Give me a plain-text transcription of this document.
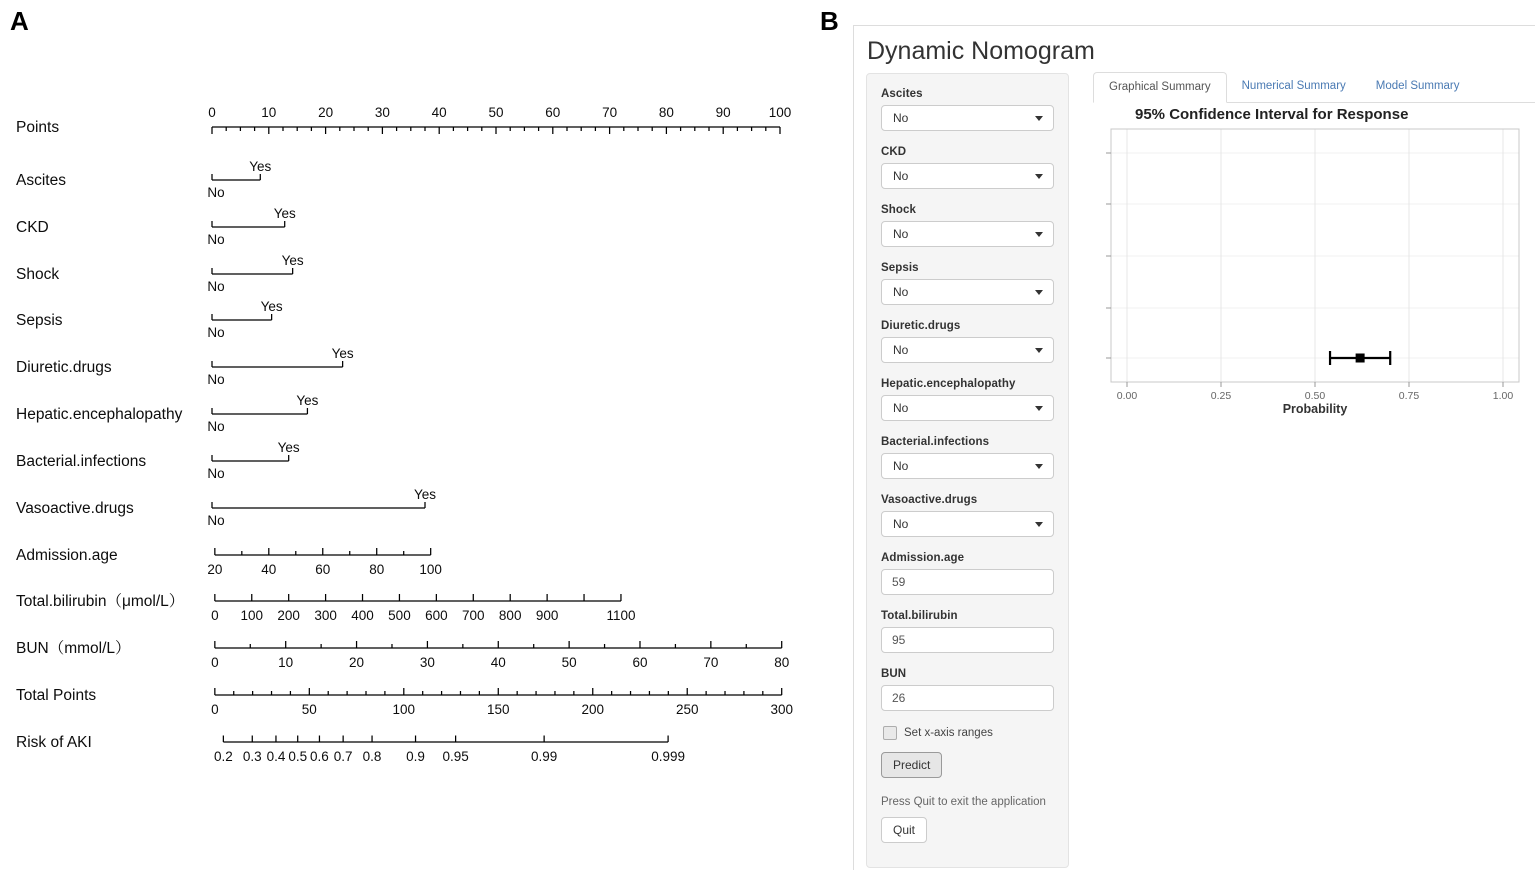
A
Points
0	10	20	30	40	50	60	70	80	90	100
Ascites
Yes
No
CKD
Yes
No
Shock
Yes
No
Sepsis
Yes
No
Diuretic.drugs
Yes
No
Hepatic.encephalopathy
Yes
No
Bacterial.infections
Yes
No
Vasoactive.drugs
Yes
No
Admission.age
20	40	60	80	100
Total.bilirubin（μmol/L）
0 100 200 300 400 500 600 700 800 900	1100
BUN（mmol/L）
0	10	20	30	40	50	60	70	80
Total Points
0	50	100	150	200	250	300
Risk of AKI
0.2 0.3 0.4 0.5 0.6 0.7 0.8 0.9 0.95	0.99	0.999
B
Dynamic Nomogram
Ascites
No
CKD
No
Shock
No
Sepsis
No
Diuretic.drugs
No
Hepatic.encephalopathy
No
Bacterial.infections
No
Vasoactive.drugs
No
Admission.age
59
Total.bilirubin
95
BUN
26
Set x-axis ranges
Predict
Press Quit to exit the application
Quit
Graphical Summary	Numerical Summary	Model Summary
95% Confidence Interval for Response
0.00	0.25	0.50	0.75	1.00
Probability
